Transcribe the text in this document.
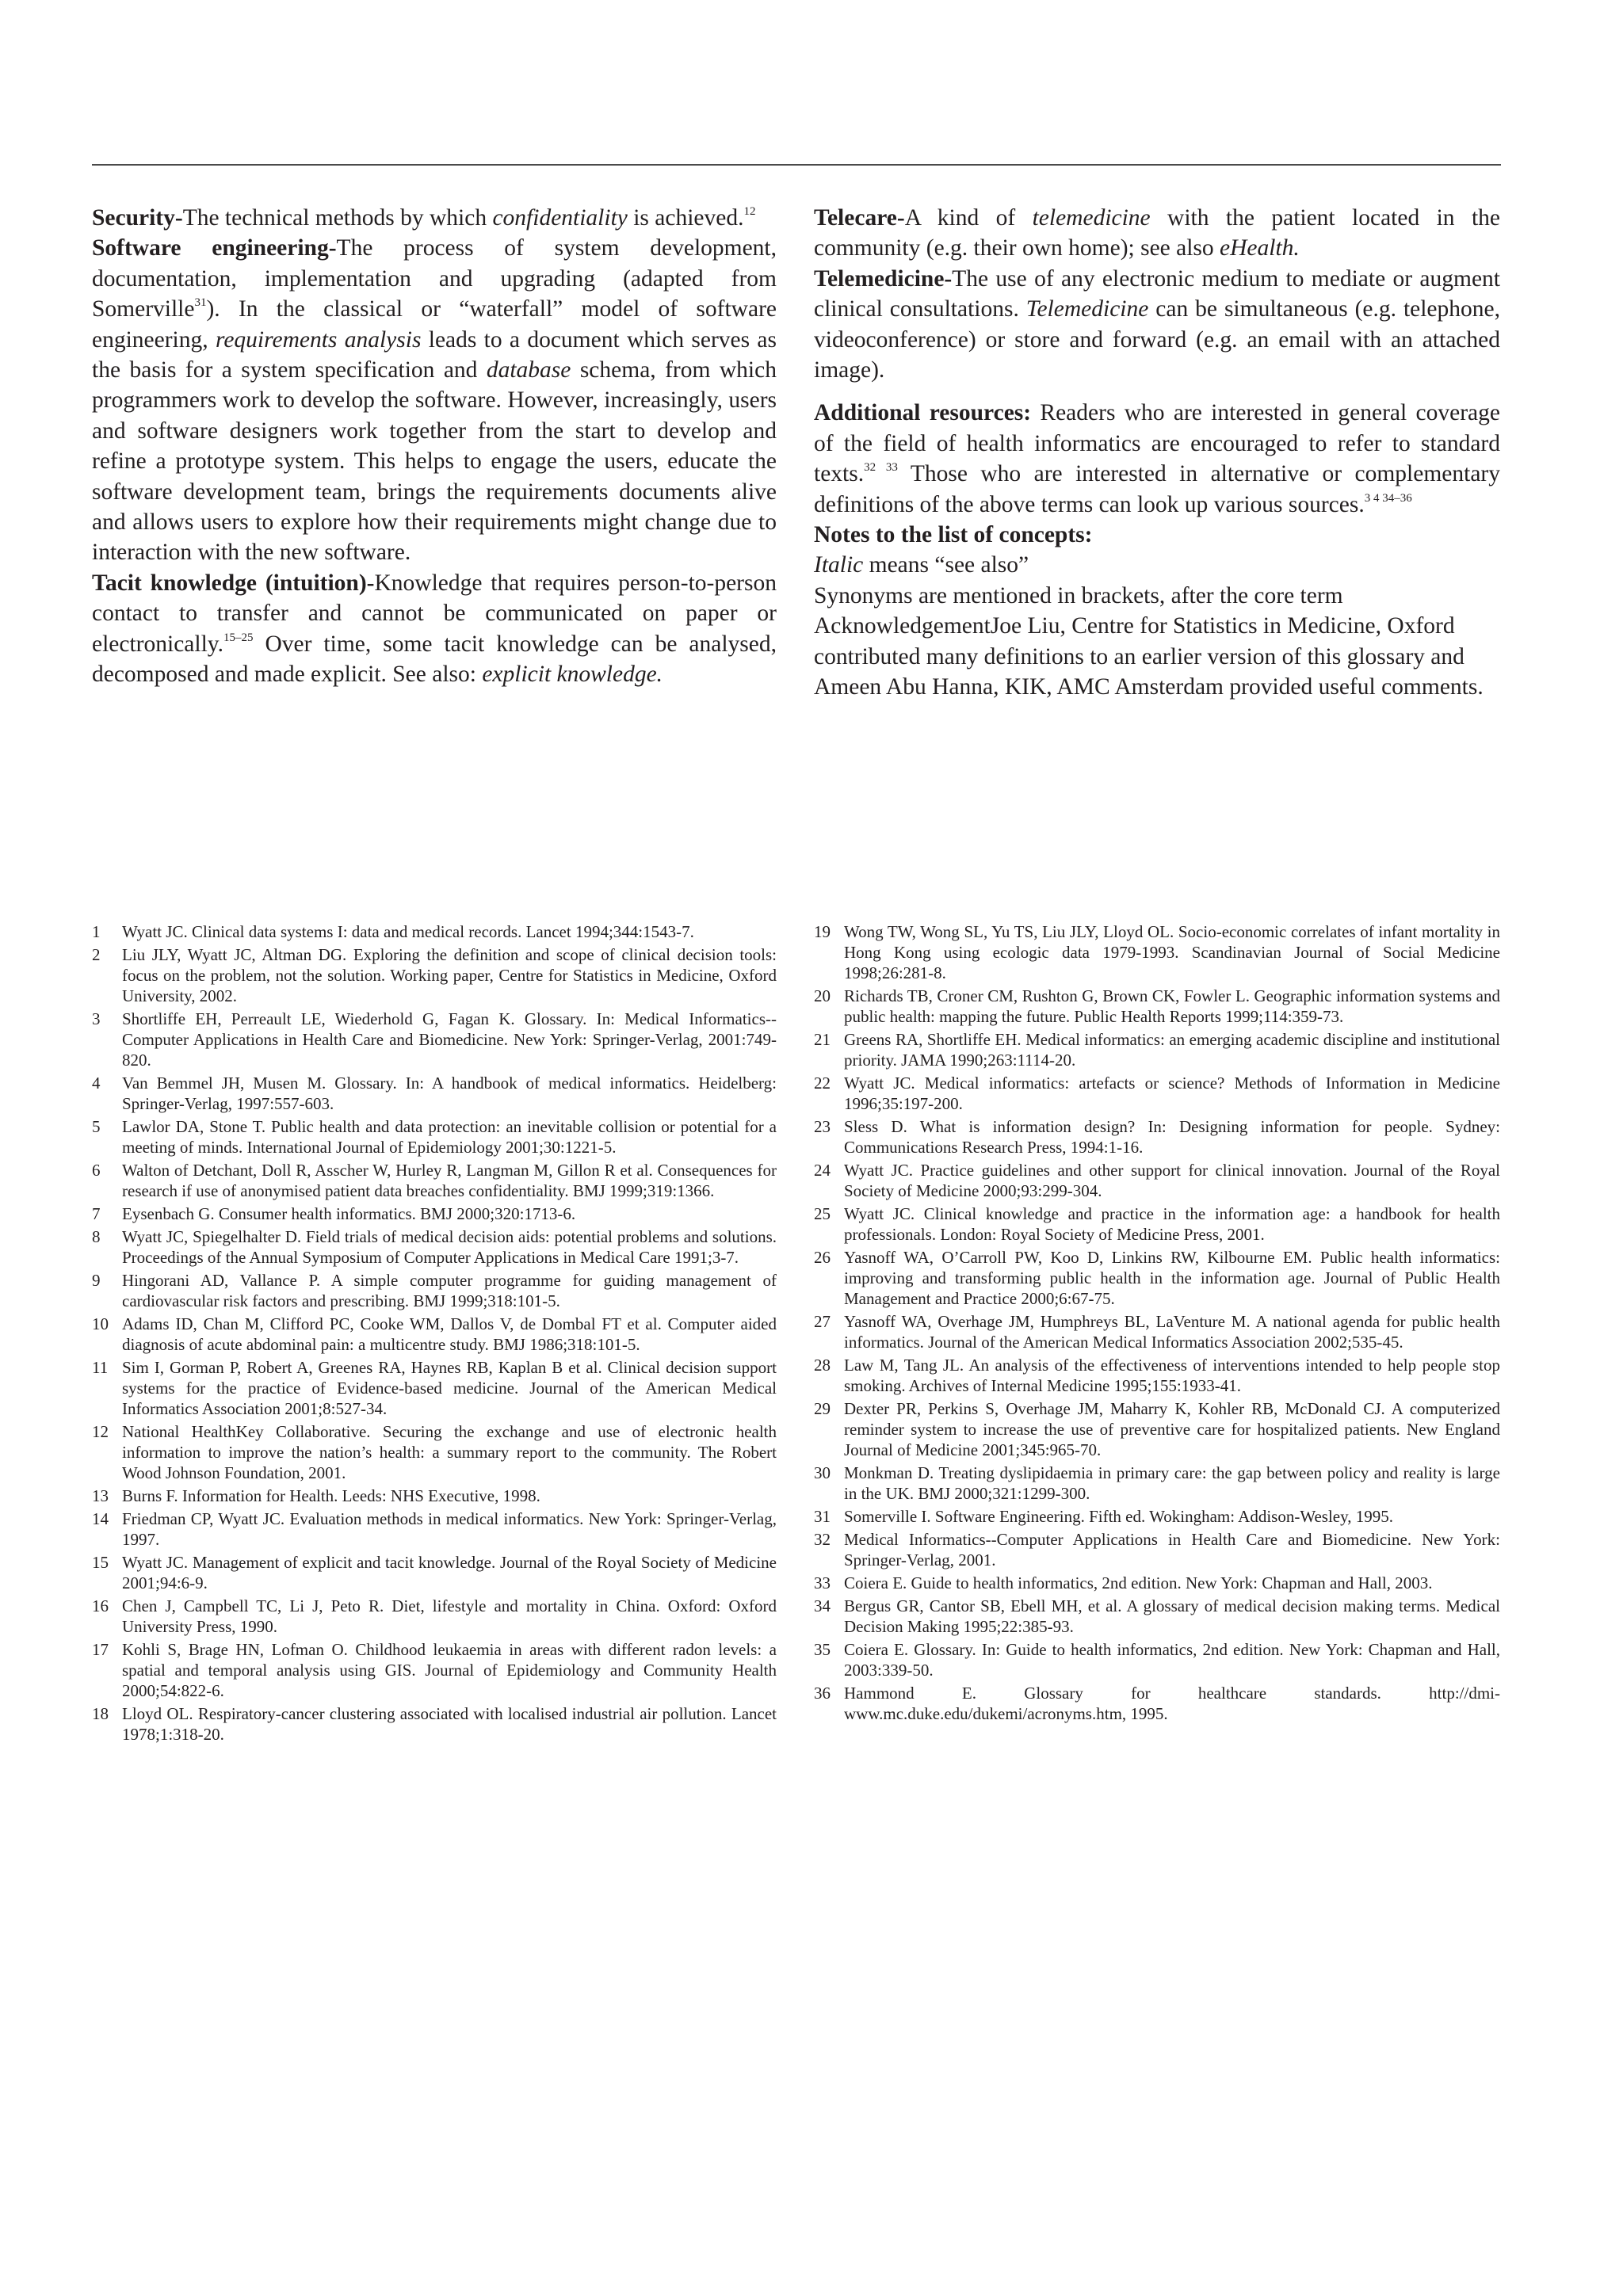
Security-The technical methods by which confidentiality is achieved.$^{12}$

Software engineering-The process of system development, documentation, implementation and upgrading (adapted from Somerville$^{31}$). In the classical or “waterfall” model of software engineering, requirements analysis leads to a document which serves as the basis for a system specification and database schema, from which programmers work to develop the software. However, increasingly, users and software designers work together from the start to develop and refine a prototype system. This helps to engage the users, educate the software development team, brings the requirements documents alive and allows users to explore how their requirements might change due to interaction with the new software.

Tacit knowledge (intuition)-Knowledge that requires person-to-person contact to transfer and cannot be communicated on paper or electronically.$^{15-25}$ Over time, some tacit knowledge can be analysed, decomposed and made explicit. See also: explicit knowledge.

Telecare-A kind of telemedicine with the patient located in the community (e.g. their own home); see also eHealth.

Telemedicine-The use of any electronic medium to mediate or augment clinical consultations. Telemedicine can be simultaneous (e.g. telephone, videoconference) or store and forward (e.g. an email with an attached image).

Additional resources: Readers who are interested in general coverage of the field of health informatics are encouraged to refer to standard texts.$^{32 33}$ Those who are interested in alternative or complementary definitions of the above terms can look up various sources.$^{3 4 34-36}$

Notes to the list of concepts:

Italic means “see also”

Synonyms are mentioned in brackets, after the core term

AcknowledgementJoe Liu, Centre for Statistics in Medicine, Oxford contributed many definitions to an earlier version of this glossary and Ameen Abu Hanna, KIK, AMC Amsterdam provided useful comments.

1	Wyatt JC. Clinical data systems I: data and medical records. Lancet 1994;344:1543-7.
2	Liu JLY, Wyatt JC, Altman DG. Exploring the definition and scope of clinical decision tools: focus on the problem, not the solution. Working paper, Centre for Statistics in Medicine, Oxford University, 2002.
3	Shortliffe EH, Perreault LE, Wiederhold G, Fagan K. Glossary. In: Medical Informatics--Computer Applications in Health Care and Biomedicine. New York: Springer-Verlag, 2001:749-820.
4	Van Bemmel JH, Musen M. Glossary. In: A handbook of medical informatics. Heidelberg: Springer-Verlag, 1997:557-603.
5	Lawlor DA, Stone T. Public health and data protection: an inevitable collision or potential for a meeting of minds. International Journal of Epidemiology 2001;30:1221-5.
6	Walton of Detchant, Doll R, Asscher W, Hurley R, Langman M, Gillon R et al. Consequences for research if use of anonymised patient data breaches confidentiality. BMJ 1999;319:1366.
7	Eysenbach G. Consumer health informatics. BMJ 2000;320:1713-6.
8	Wyatt JC, Spiegelhalter D. Field trials of medical decision aids: potential problems and solutions. Proceedings of the Annual Symposium of Computer Applications in Medical Care 1991;3-7.
9	Hingorani AD, Vallance P. A simple computer programme for guiding management of cardiovascular risk factors and prescribing. BMJ 1999;318:101-5.
10 Adams ID, Chan M, Clifford PC, Cooke WM, Dallos V, de Dombal FT et al. Computer aided diagnosis of acute abdominal pain: a multicentre study. BMJ 1986;318:101-5.
11 Sim I, Gorman P, Robert A, Greenes RA, Haynes RB, Kaplan B et al. Clinical decision support systems for the practice of Evidence-based medicine. Journal of the American Medical Informatics Association 2001;8:527-34.
12 National HealthKey Collaborative. Securing the exchange and use of electronic health information to improve the nation’s health: a summary report to the community. The Robert Wood Johnson Foundation, 2001.
13 Burns F. Information for Health. Leeds: NHS Executive, 1998.
14 Friedman CP, Wyatt JC. Evaluation methods in medical informatics. New York: Springer-Verlag, 1997.
15 Wyatt JC. Management of explicit and tacit knowledge. Journal of the Royal Society of Medicine 2001;94:6-9.
16 Chen J, Campbell TC, Li J, Peto R. Diet, lifestyle and mortality in China. Oxford: Oxford University Press, 1990.
17 Kohli S, Brage HN, Lofman O. Childhood leukaemia in areas with different radon levels: a spatial and temporal analysis using GIS. Journal of Epidemiology and Community Health 2000;54:822-6.
18 Lloyd OL. Respiratory-cancer clustering associated with localised industrial air pollution. Lancet 1978;1:318-20.
19 Wong TW, Wong SL, Yu TS, Liu JLY, Lloyd OL. Socio-economic correlates of infant mortality in Hong Kong using ecologic data 1979-1993. Scandinavian Journal of Social Medicine 1998;26:281-8.
20 Richards TB, Croner CM, Rushton G, Brown CK, Fowler L. Geographic information systems and public health: mapping the future. Public Health Reports 1999;114:359-73.
21 Greens RA, Shortliffe EH. Medical informatics: an emerging academic discipline and institutional priority. JAMA 1990;263:1114-20.
22 Wyatt JC. Medical informatics: artefacts or science? Methods of Information in Medicine 1996;35:197-200.
23 Sless D. What is information design? In: Designing information for people. Sydney: Communications Research Press, 1994:1-16.
24 Wyatt JC. Practice guidelines and other support for clinical innovation. Journal of the Royal Society of Medicine 2000;93:299-304.
25 Wyatt JC. Clinical knowledge and practice in the information age: a handbook for health professionals. London: Royal Society of Medicine Press, 2001.
26 Yasnoff WA, O’Carroll PW, Koo D, Linkins RW, Kilbourne EM. Public health informatics: improving and transforming public health in the information age. Journal of Public Health Management and Practice 2000;6:67-75.
27 Yasnoff WA, Overhage JM, Humphreys BL, LaVenture M. A national agenda for public health informatics. Journal of the American Medical Informatics Association 2002;535-45.
28 Law M, Tang JL. An analysis of the effectiveness of interventions intended to help people stop smoking. Archives of Internal Medicine 1995;155:1933-41.
29 Dexter PR, Perkins S, Overhage JM, Maharry K, Kohler RB, McDonald CJ. A computerized reminder system to increase the use of preventive care for hospitalized patients. New England Journal of Medicine 2001;345:965-70.
30 Monkman D. Treating dyslipidaemia in primary care: the gap between policy and reality is large in the UK. BMJ 2000;321:1299-300.
31 Somerville I. Software Engineering. Fifth ed. Wokingham: Addison-Wesley, 1995.
32 Medical Informatics--Computer Applications in Health Care and Biomedicine. New York: Springer-Verlag, 2001.
33 Coiera E. Guide to health informatics, 2nd edition. New York: Chapman and Hall, 2003.
34 Bergus GR, Cantor SB, Ebell MH, et al. A glossary of medical decision making terms. Medical Decision Making 1995;22:385-93.
35 Coiera E. Glossary. In: Guide to health informatics, 2nd edition. New York: Chapman and Hall, 2003:339-50.
36 Hammond E. Glossary for healthcare standards. http://dmi-www.mc.duke.edu/dukemi/acronyms.htm, 1995.
